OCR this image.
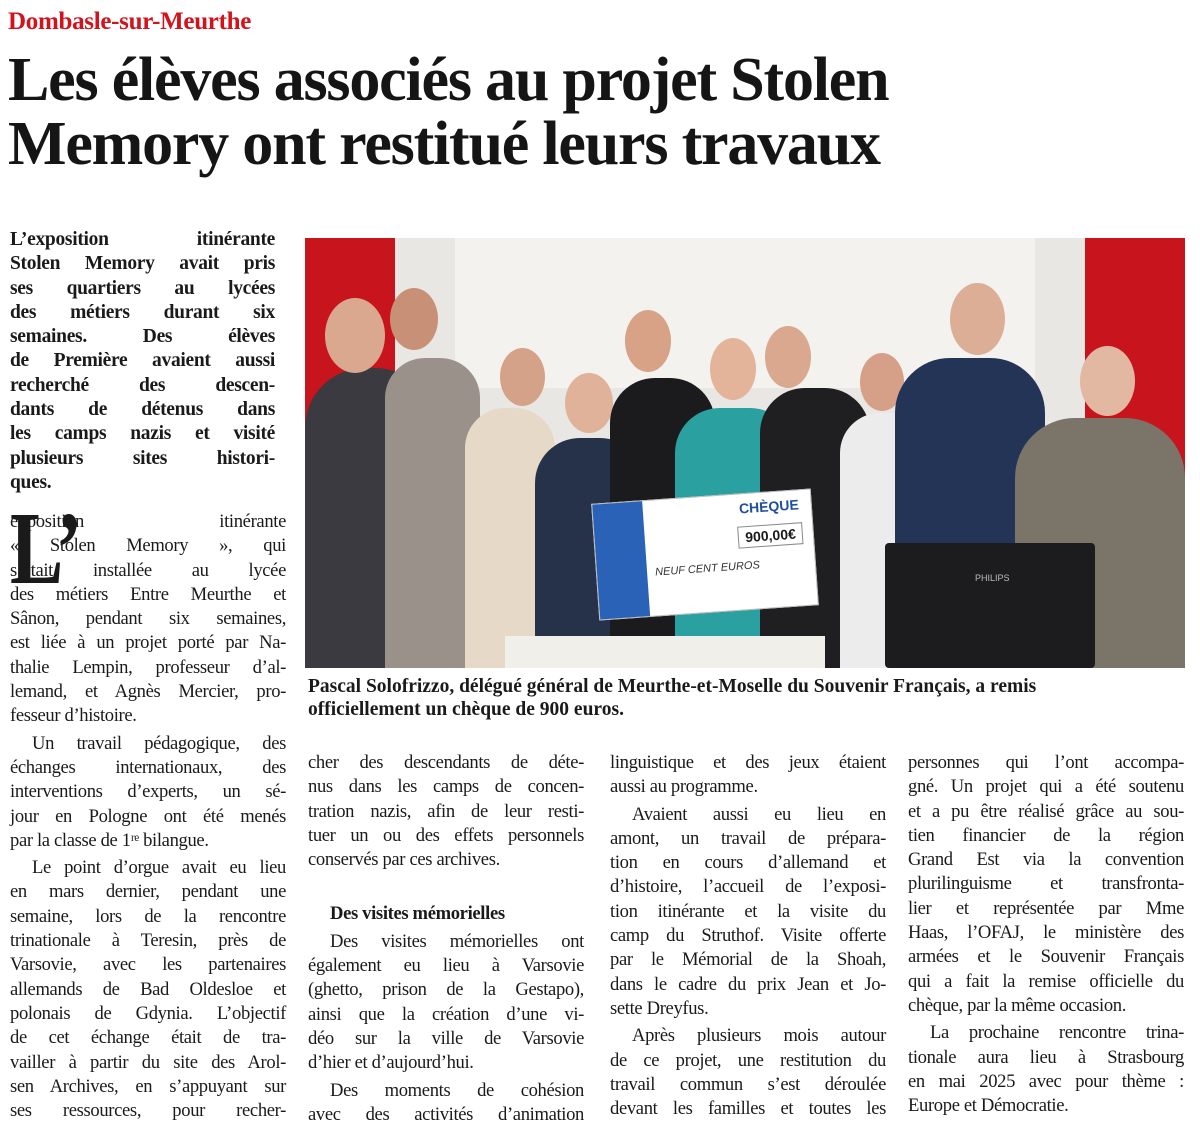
Dombasle-sur-Meurthe
Les élèves associés au projet Stolen
Memory ont restitué leurs travaux
L’exposition itinérante
Stolen Memory avait pris
ses quartiers au lycées
des métiers durant six
semaines. Des élèves
de Première avaient aussi
recherché des descen-
dants de détenus dans
les camps nazis et visité
plusieurs sites histori-
ques.
CHÈQUE
900,00€
NEUF CENT EUROS	PHILIPS
Pascal Solofrizzo, délégué général de Meurthe-et-Moselle du Souvenir Français, a remis
officiellement un chèque de 900 euros.
L’
exposition itinérante
« Stolen Memory », qui
s’était installée au lycée
des métiers Entre Meurthe et
Sânon, pendant six semaines,
est liée à un projet porté par Na-
thalie Lempin, professeur d’al-
lemand, et Agnès Mercier, pro-
fesseur d’histoire.
Un travail pédagogique, des
échanges internationaux, des
interventions d’experts, un sé-
jour en Pologne ont été menés
par la classe de 1ʳᵉ bilangue.
Le point d’orgue avait eu lieu
en mars dernier, pendant une
semaine, lors de la rencontre
trinationale à Teresin, près de
Varsovie, avec les partenaires
allemands de Bad Oldesloe et
polonais de Gdynia. L’objectif
de cet échange était de tra-
vailler à partir du site des Arol-
sen Archives, en s’appuyant sur
ses ressources, pour recher-
cher des descendants de déte-
nus dans les camps de concen-
tration nazis, afin de leur resti-
tuer un ou des effets personnels
conservés par ces archives.
Des visites mémorielles
Des visites mémorielles ont
également eu lieu à Varsovie
(ghetto, prison de la Gestapo),
ainsi que la création d’une vi-
déo sur la ville de Varsovie
d’hier et d’aujourd’hui.
Des moments de cohésion
avec des activités d’animation
linguistique et des jeux étaient
aussi au programme.
Avaient aussi eu lieu en
amont, un travail de prépara-
tion en cours d’allemand et
d’histoire, l’accueil de l’exposi-
tion itinérante et la visite du
camp du Struthof. Visite offerte
par le Mémorial de la Shoah,
dans le cadre du prix Jean et Jo-
sette Dreyfus.
Après plusieurs mois autour
de ce projet, une restitution du
travail commun s’est déroulée
devant les familles et toutes les
personnes qui l’ont accompa-
gné. Un projet qui a été soutenu
et a pu être réalisé grâce au sou-
tien financier de la région
Grand Est via la convention
plurilinguisme et transfronta-
lier et représentée par Mme
Haas, l’OFAJ, le ministère des
armées et le Souvenir Français
qui a fait la remise officielle du
chèque, par la même occasion.
La prochaine rencontre trina-
tionale aura lieu à Strasbourg
en mai 2025 avec pour thème :
Europe et Démocratie.
